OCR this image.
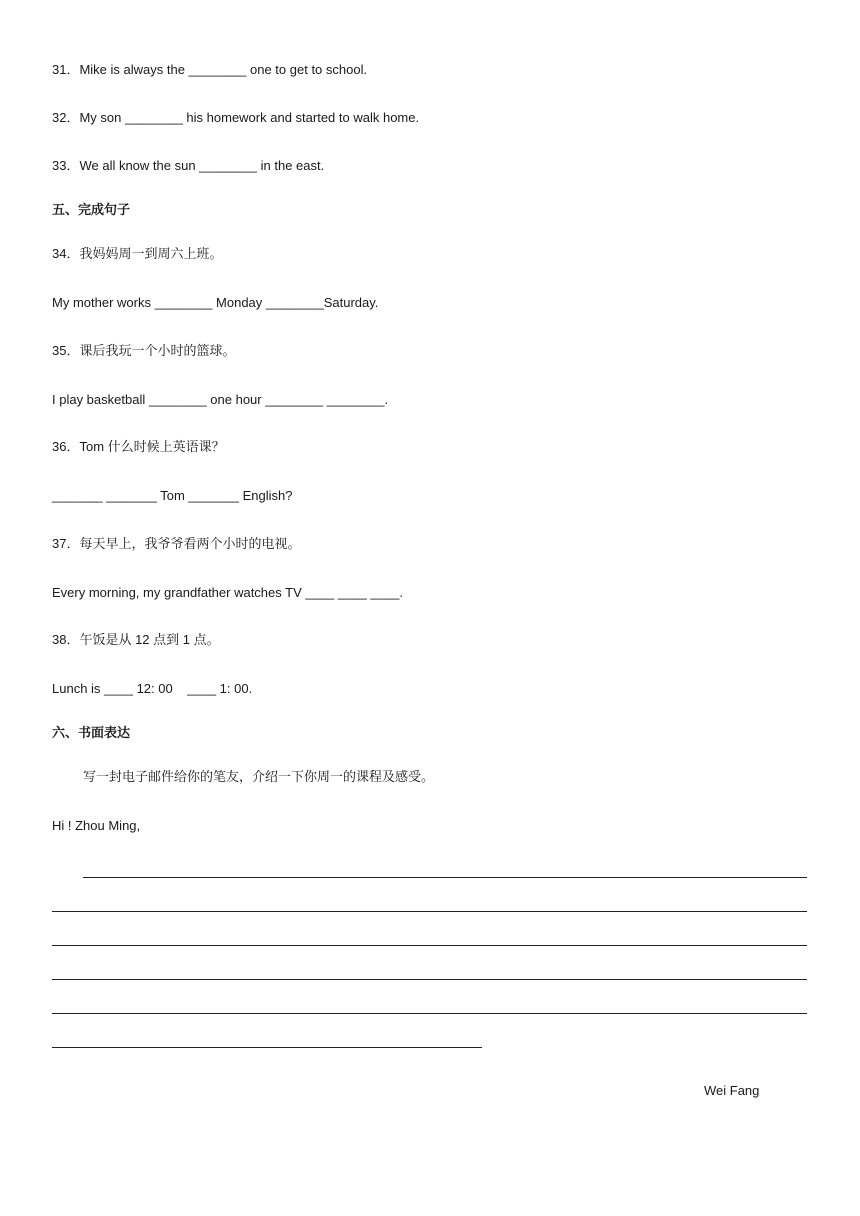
31．Mike is always the ________ one to get to school.
32．My son ________ his homework and started to walk home.
33．We all know the sun ________ in the east.
五、完成句子
34．我妈妈周一到周六上班。
My mother works ________ Monday ________Saturday.
35．课后我玩一个小时的篮球。
I play basketball ________ one hour ________ ________.
36．Tom 什么时候上英语课？
_______ _______ Tom _______ English?
37．每天早上，我爷爷看两个小时的电视。
Every morning, my grandfather watches TV ____ ____ ____.
38．午饭是从 12 点到 1 点。
Lunch is ____ 12: 00    ____ 1: 00.
六、书面表达
写一封电子邮件给你的笔友，介绍一下你周一的课程及感受。
Hi ! Zhou Ming,
Wei Fang
